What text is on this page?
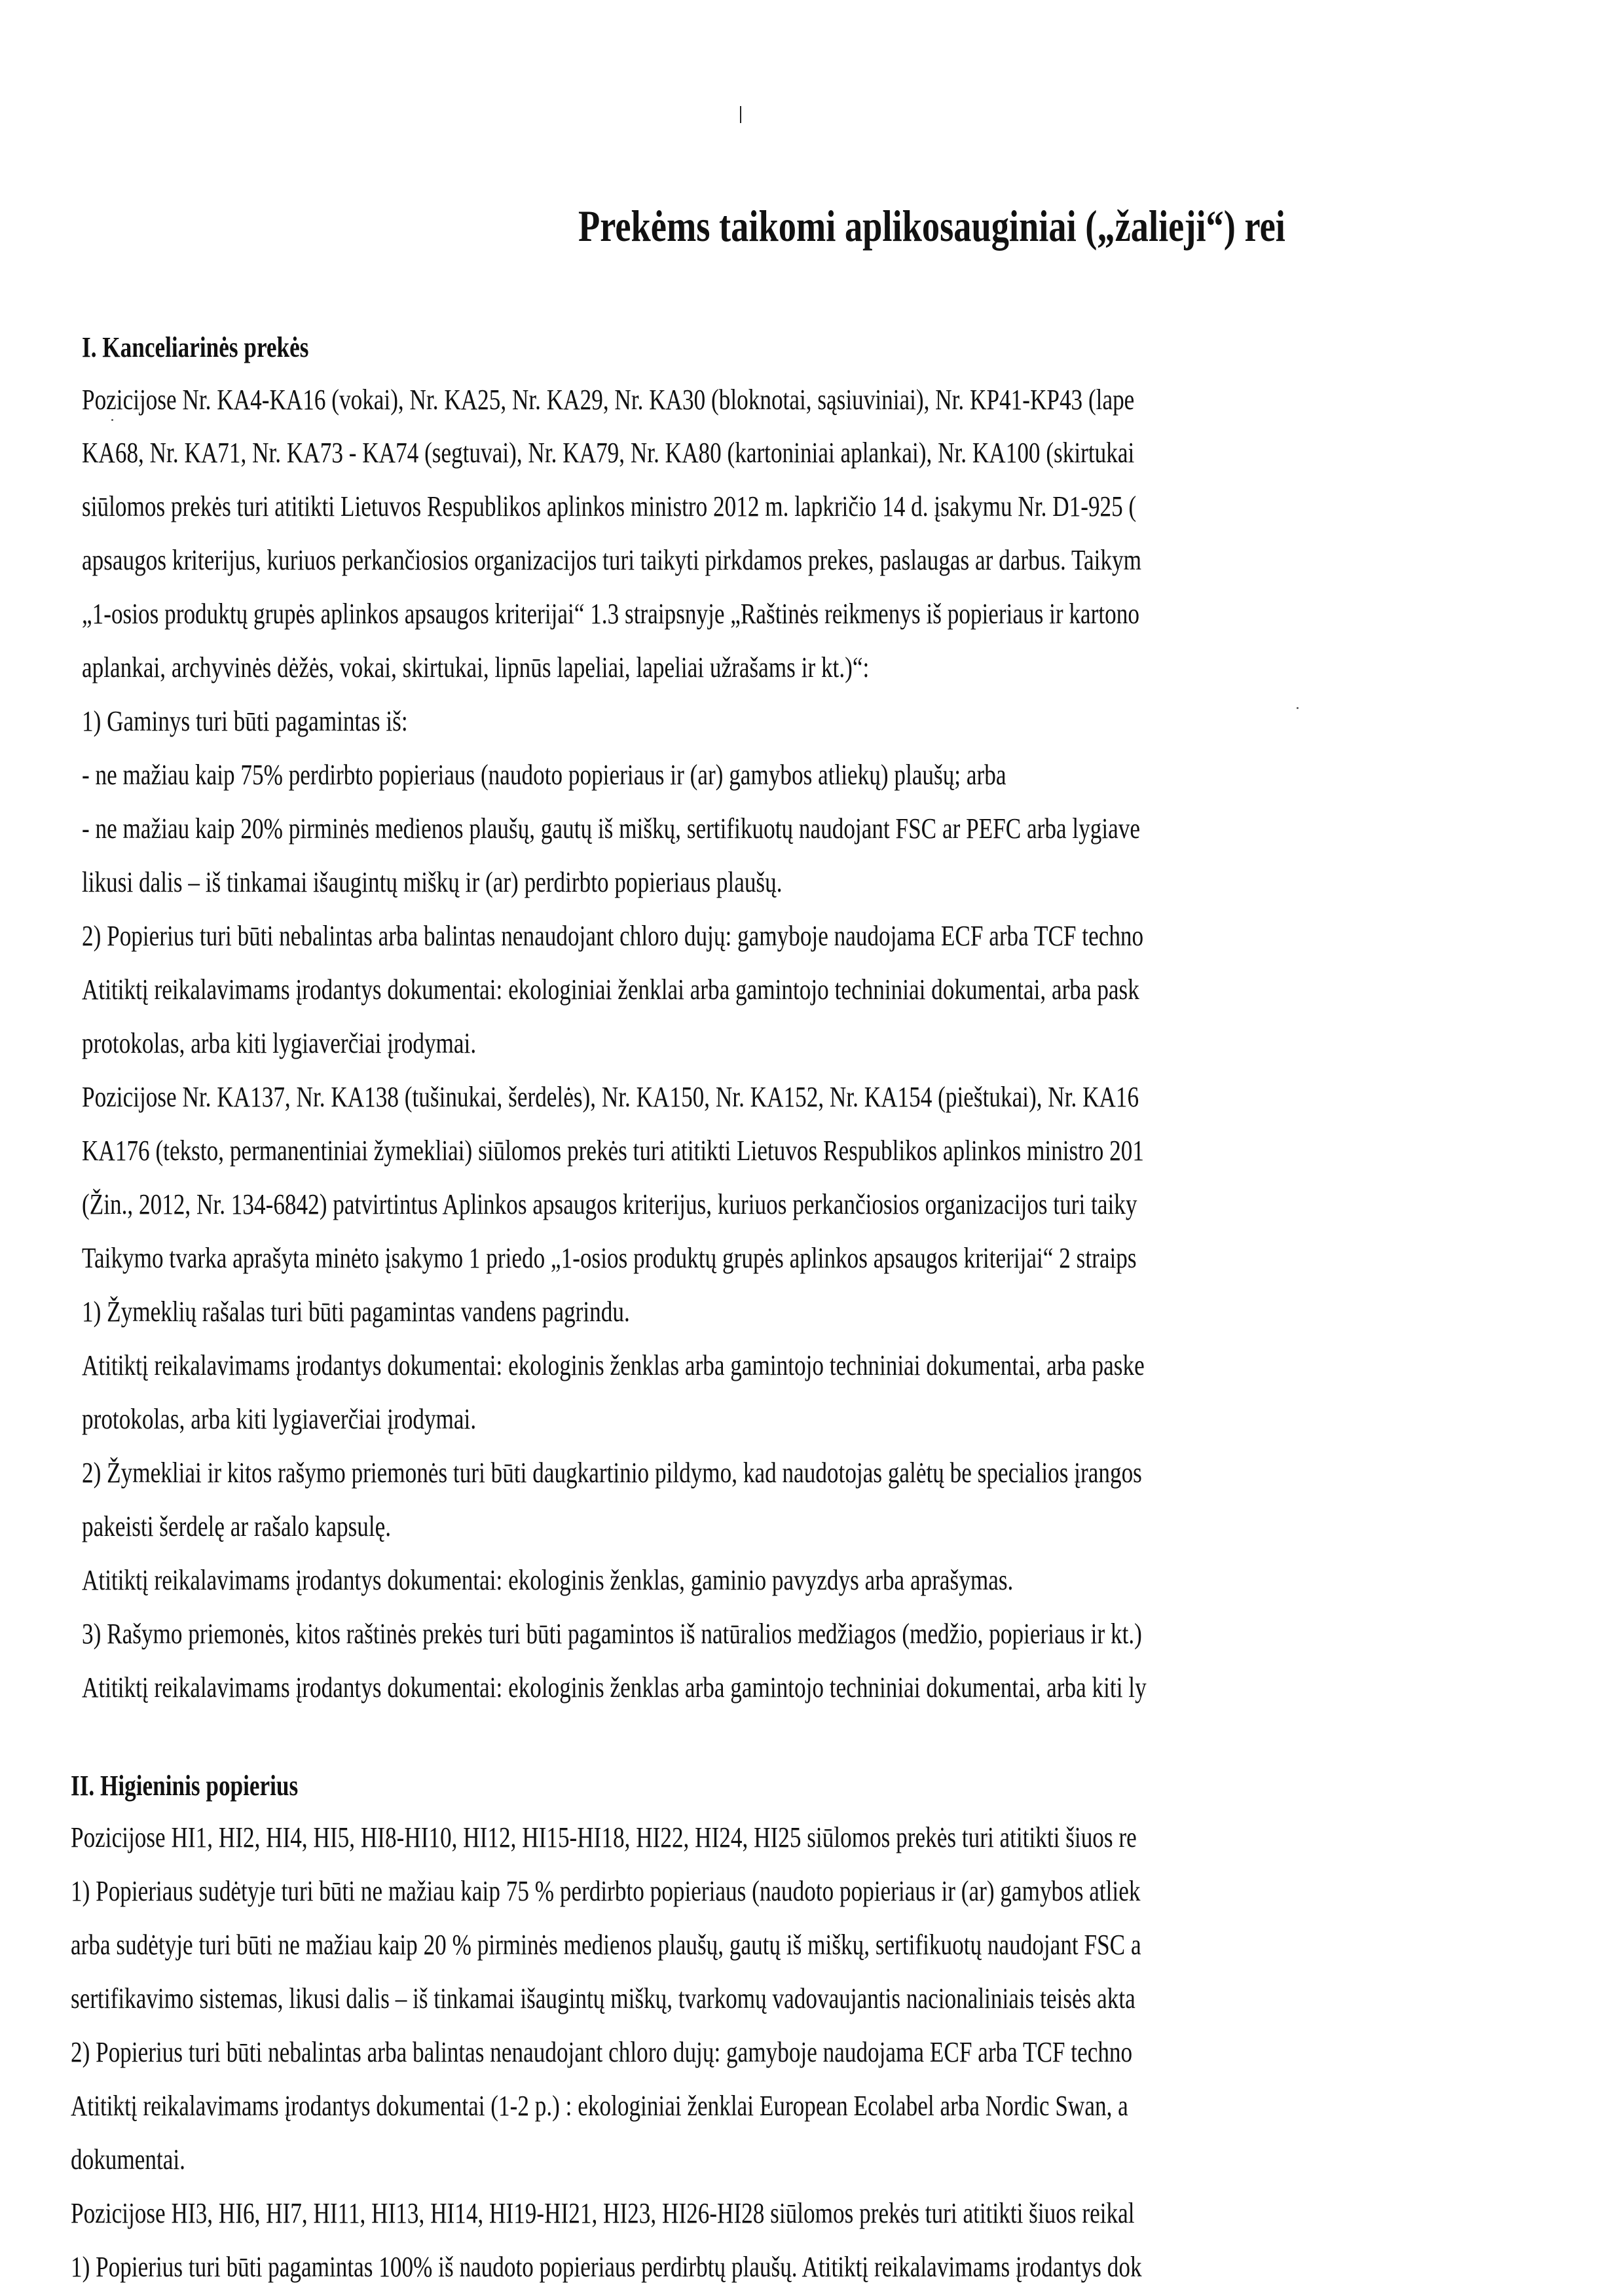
Prekėms taikomi aplikosauginiai („žalieji“) rei
I. Kanceliarinės prekės
Pozicijose Nr. KA4-KA16 (vokai), Nr. KA25, Nr. KA29, Nr. KA30 (bloknotai, sąsiuviniai), Nr. KP41-KP43 (lape
KA68, Nr. KA71, Nr. KA73 - KA74 (segtuvai), Nr. KA79, Nr. KA80 (kartoniniai aplankai), Nr. KA100 (skirtukai
siūlomos prekės turi atitikti Lietuvos Respublikos aplinkos ministro 2012 m. lapkričio 14 d. įsakymu Nr. D1-925 (
apsaugos kriterijus, kuriuos perkančiosios organizacijos turi taikyti pirkdamos prekes, paslaugas ar darbus. Taikym
„1-osios produktų grupės aplinkos apsaugos kriterijai“ 1.3 straipsnyje „Raštinės reikmenys iš popieriaus ir kartono
aplankai, archyvinės dėžės, vokai, skirtukai, lipnūs lapeliai, lapeliai užrašams ir kt.)“:
1) Gaminys turi būti pagamintas iš:
- ne mažiau kaip 75% perdirbto popieriaus (naudoto popieriaus ir (ar) gamybos atliekų) plaušų; arba
- ne mažiau kaip 20% pirminės medienos plaušų, gautų iš miškų, sertifikuotų naudojant FSC ar PEFC arba lygiave
likusi dalis – iš tinkamai išaugintų miškų ir (ar) perdirbto popieriaus plaušų.
2) Popierius turi būti nebalintas arba balintas nenaudojant chloro dujų: gamyboje naudojama ECF arba TCF techno
Atitiktį reikalavimams įrodantys dokumentai: ekologiniai ženklai arba gamintojo techniniai dokumentai, arba pask
protokolas, arba kiti lygiaverčiai įrodymai.
Pozicijose Nr. KA137, Nr. KA138 (tušinukai, šerdelės), Nr. KA150, Nr. KA152, Nr. KA154 (pieštukai), Nr. KA16
KA176 (teksto, permanentiniai žymekliai) siūlomos prekės turi atitikti Lietuvos Respublikos aplinkos ministro 201
(Žin., 2012, Nr. 134-6842) patvirtintus Aplinkos apsaugos kriterijus, kuriuos perkančiosios organizacijos turi taiky
Taikymo tvarka aprašyta minėto įsakymo 1 priedo „1-osios produktų grupės aplinkos apsaugos kriterijai“ 2 straips
1) Žymeklių rašalas turi būti pagamintas vandens pagrindu.
Atitiktį reikalavimams įrodantys dokumentai: ekologinis ženklas arba gamintojo techniniai dokumentai, arba paske
protokolas, arba kiti lygiaverčiai įrodymai.
2) Žymekliai ir kitos rašymo priemonės turi būti daugkartinio pildymo, kad naudotojas galėtų be specialios įrangos
pakeisti šerdelę ar rašalo kapsulę.
Atitiktį reikalavimams įrodantys dokumentai: ekologinis ženklas, gaminio pavyzdys arba aprašymas.
3) Rašymo priemonės, kitos raštinės prekės turi būti pagamintos iš natūralios medžiagos (medžio, popieriaus ir kt.)
Atitiktį reikalavimams įrodantys dokumentai: ekologinis ženklas arba gamintojo techniniai dokumentai, arba kiti ly
II. Higieninis popierius
Pozicijose HI1, HI2, HI4, HI5, HI8-HI10, HI12, HI15-HI18, HI22, HI24, HI25 siūlomos prekės turi atitikti šiuos re
1) Popieriaus sudėtyje turi būti ne mažiau kaip 75 % perdirbto popieriaus (naudoto popieriaus ir (ar) gamybos atliek
arba sudėtyje turi būti ne mažiau kaip 20 % pirminės medienos plaušų, gautų iš miškų, sertifikuotų naudojant FSC a
sertifikavimo sistemas, likusi dalis – iš tinkamai išaugintų miškų, tvarkomų vadovaujantis nacionaliniais teisės akta
2) Popierius turi būti nebalintas arba balintas nenaudojant chloro dujų: gamyboje naudojama ECF arba TCF techno
Atitiktį reikalavimams įrodantys dokumentai (1-2 p.) : ekologiniai ženklai European Ecolabel arba Nordic Swan, a
dokumentai.
Pozicijose HI3, HI6, HI7, HI11, HI13, HI14, HI19-HI21, HI23, HI26-HI28 siūlomos prekės turi atitikti šiuos reikal
1) Popierius turi būti pagamintas 100% iš naudoto popieriaus perdirbtų plaušų. Atitiktį reikalavimams įrodantys dok
